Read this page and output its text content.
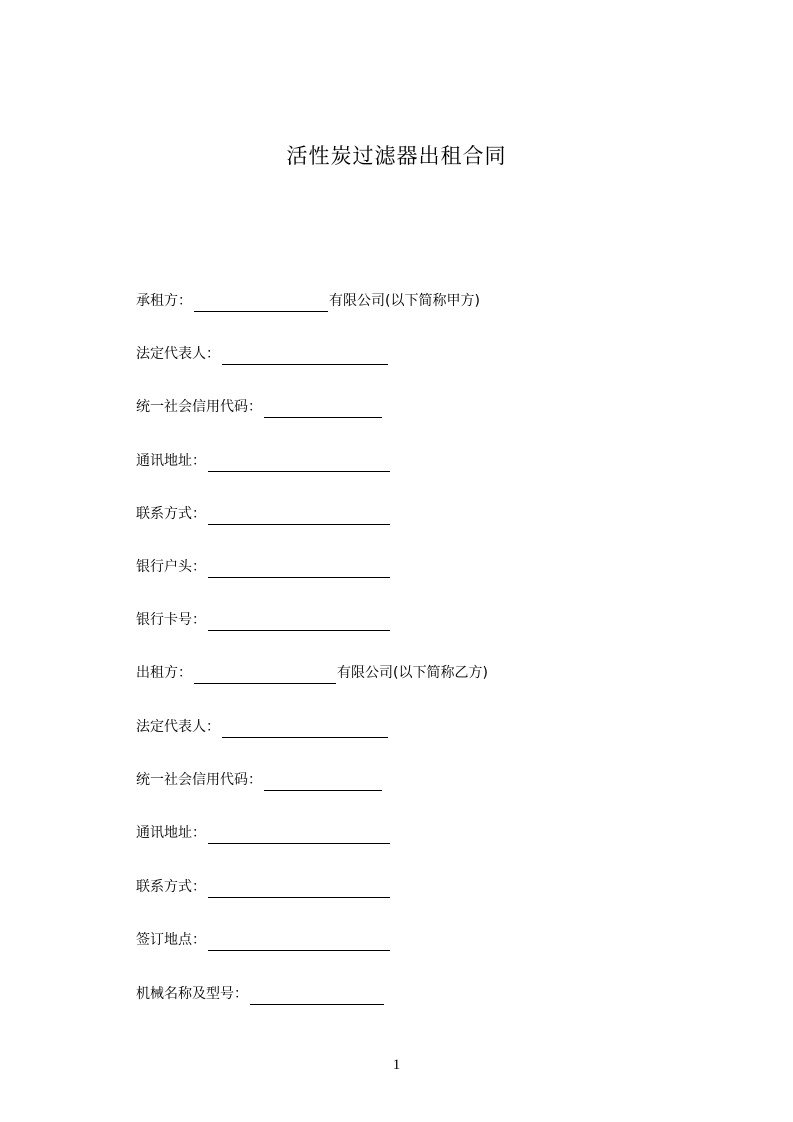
活性炭过滤器出租合同
承租方：	有限公司(以下简称甲方)
法定代表人：
统一社会信用代码：
通讯地址：
联系方式：
银行户头：
银行卡号：
出租方：	有限公司(以下简称乙方)
法定代表人：
统一社会信用代码：
通讯地址：
联系方式：
签订地点：
机械名称及型号：
1
